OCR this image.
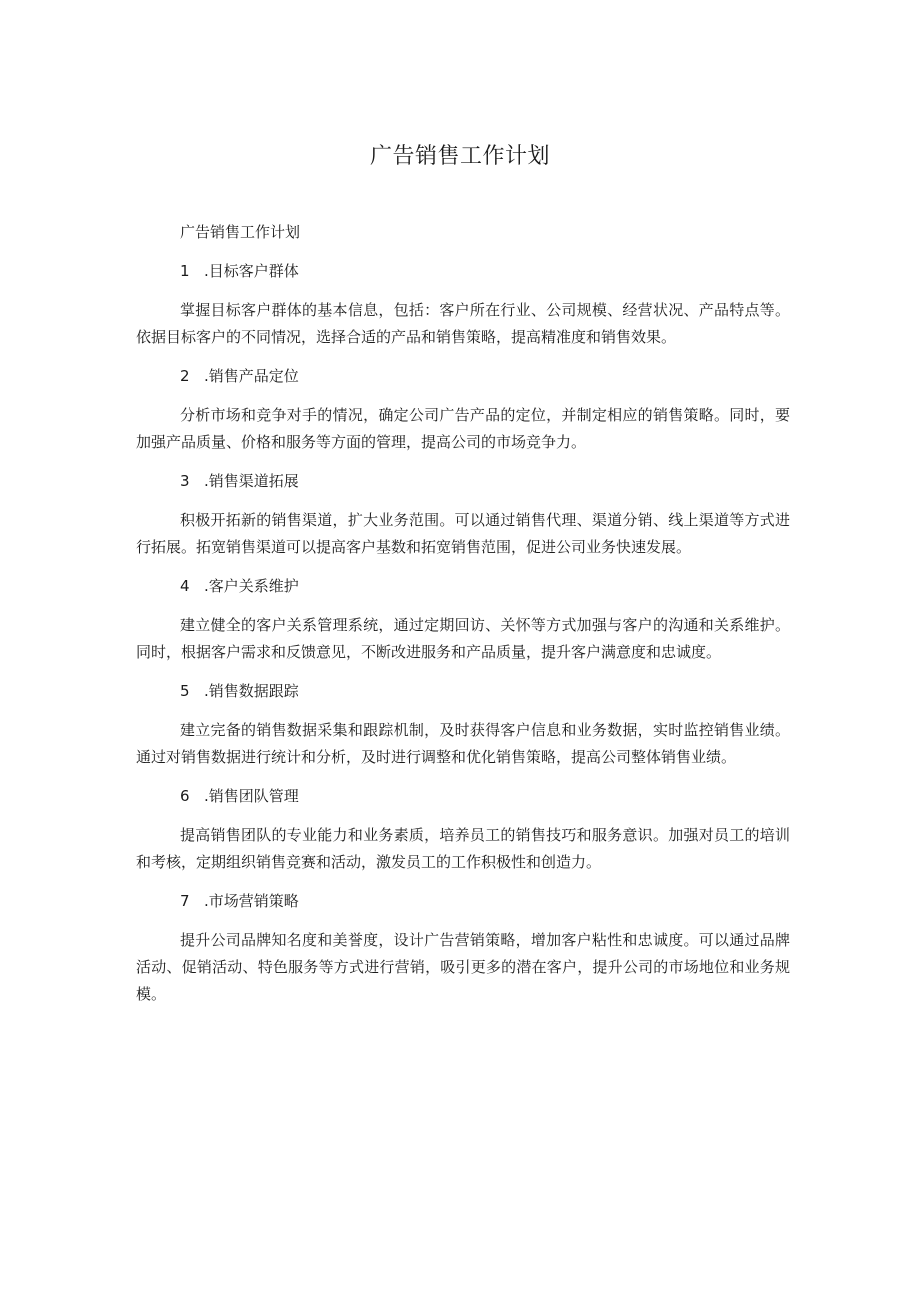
广告销售工作计划
广告销售工作计划
1 .目标客户群体

掌握目标客户群体的基本信息，包括：客户所在行业、公司规模、经营状况、产品特点等。依据目标客户的不同情况，选择合适的产品和销售策略，提高精准度和销售效果。

2 .销售产品定位

分析市场和竞争对手的情况，确定公司广告产品的定位，并制定相应的销售策略。同时，要加强产品质量、价格和服务等方面的管理，提高公司的市场竞争力。

3 .销售渠道拓展

积极开拓新的销售渠道，扩大业务范围。可以通过销售代理、渠道分销、线上渠道等方式进行拓展。拓宽销售渠道可以提高客户基数和拓宽销售范围，促进公司业务快速发展。

4 .客户关系维护

建立健全的客户关系管理系统，通过定期回访、关怀等方式加强与客户的沟通和关系维护。同时，根据客户需求和反馈意见，不断改进服务和产品质量，提升客户满意度和忠诚度。

5 .销售数据跟踪

建立完备的销售数据采集和跟踪机制，及时获得客户信息和业务数据，实时监控销售业绩。通过对销售数据进行统计和分析，及时进行调整和优化销售策略，提高公司整体销售业绩。

6 .销售团队管理

提高销售团队的专业能力和业务素质，培养员工的销售技巧和服务意识。加强对员工的培训和考核，定期组织销售竞赛和活动，激发员工的工作积极性和创造力。

7 .市场营销策略

提升公司品牌知名度和美誉度，设计广告营销策略，增加客户粘性和忠诚度。可以通过品牌活动、促销活动、特色服务等方式进行营销，吸引更多的潜在客户，提升公司的市场地位和业务规模。
